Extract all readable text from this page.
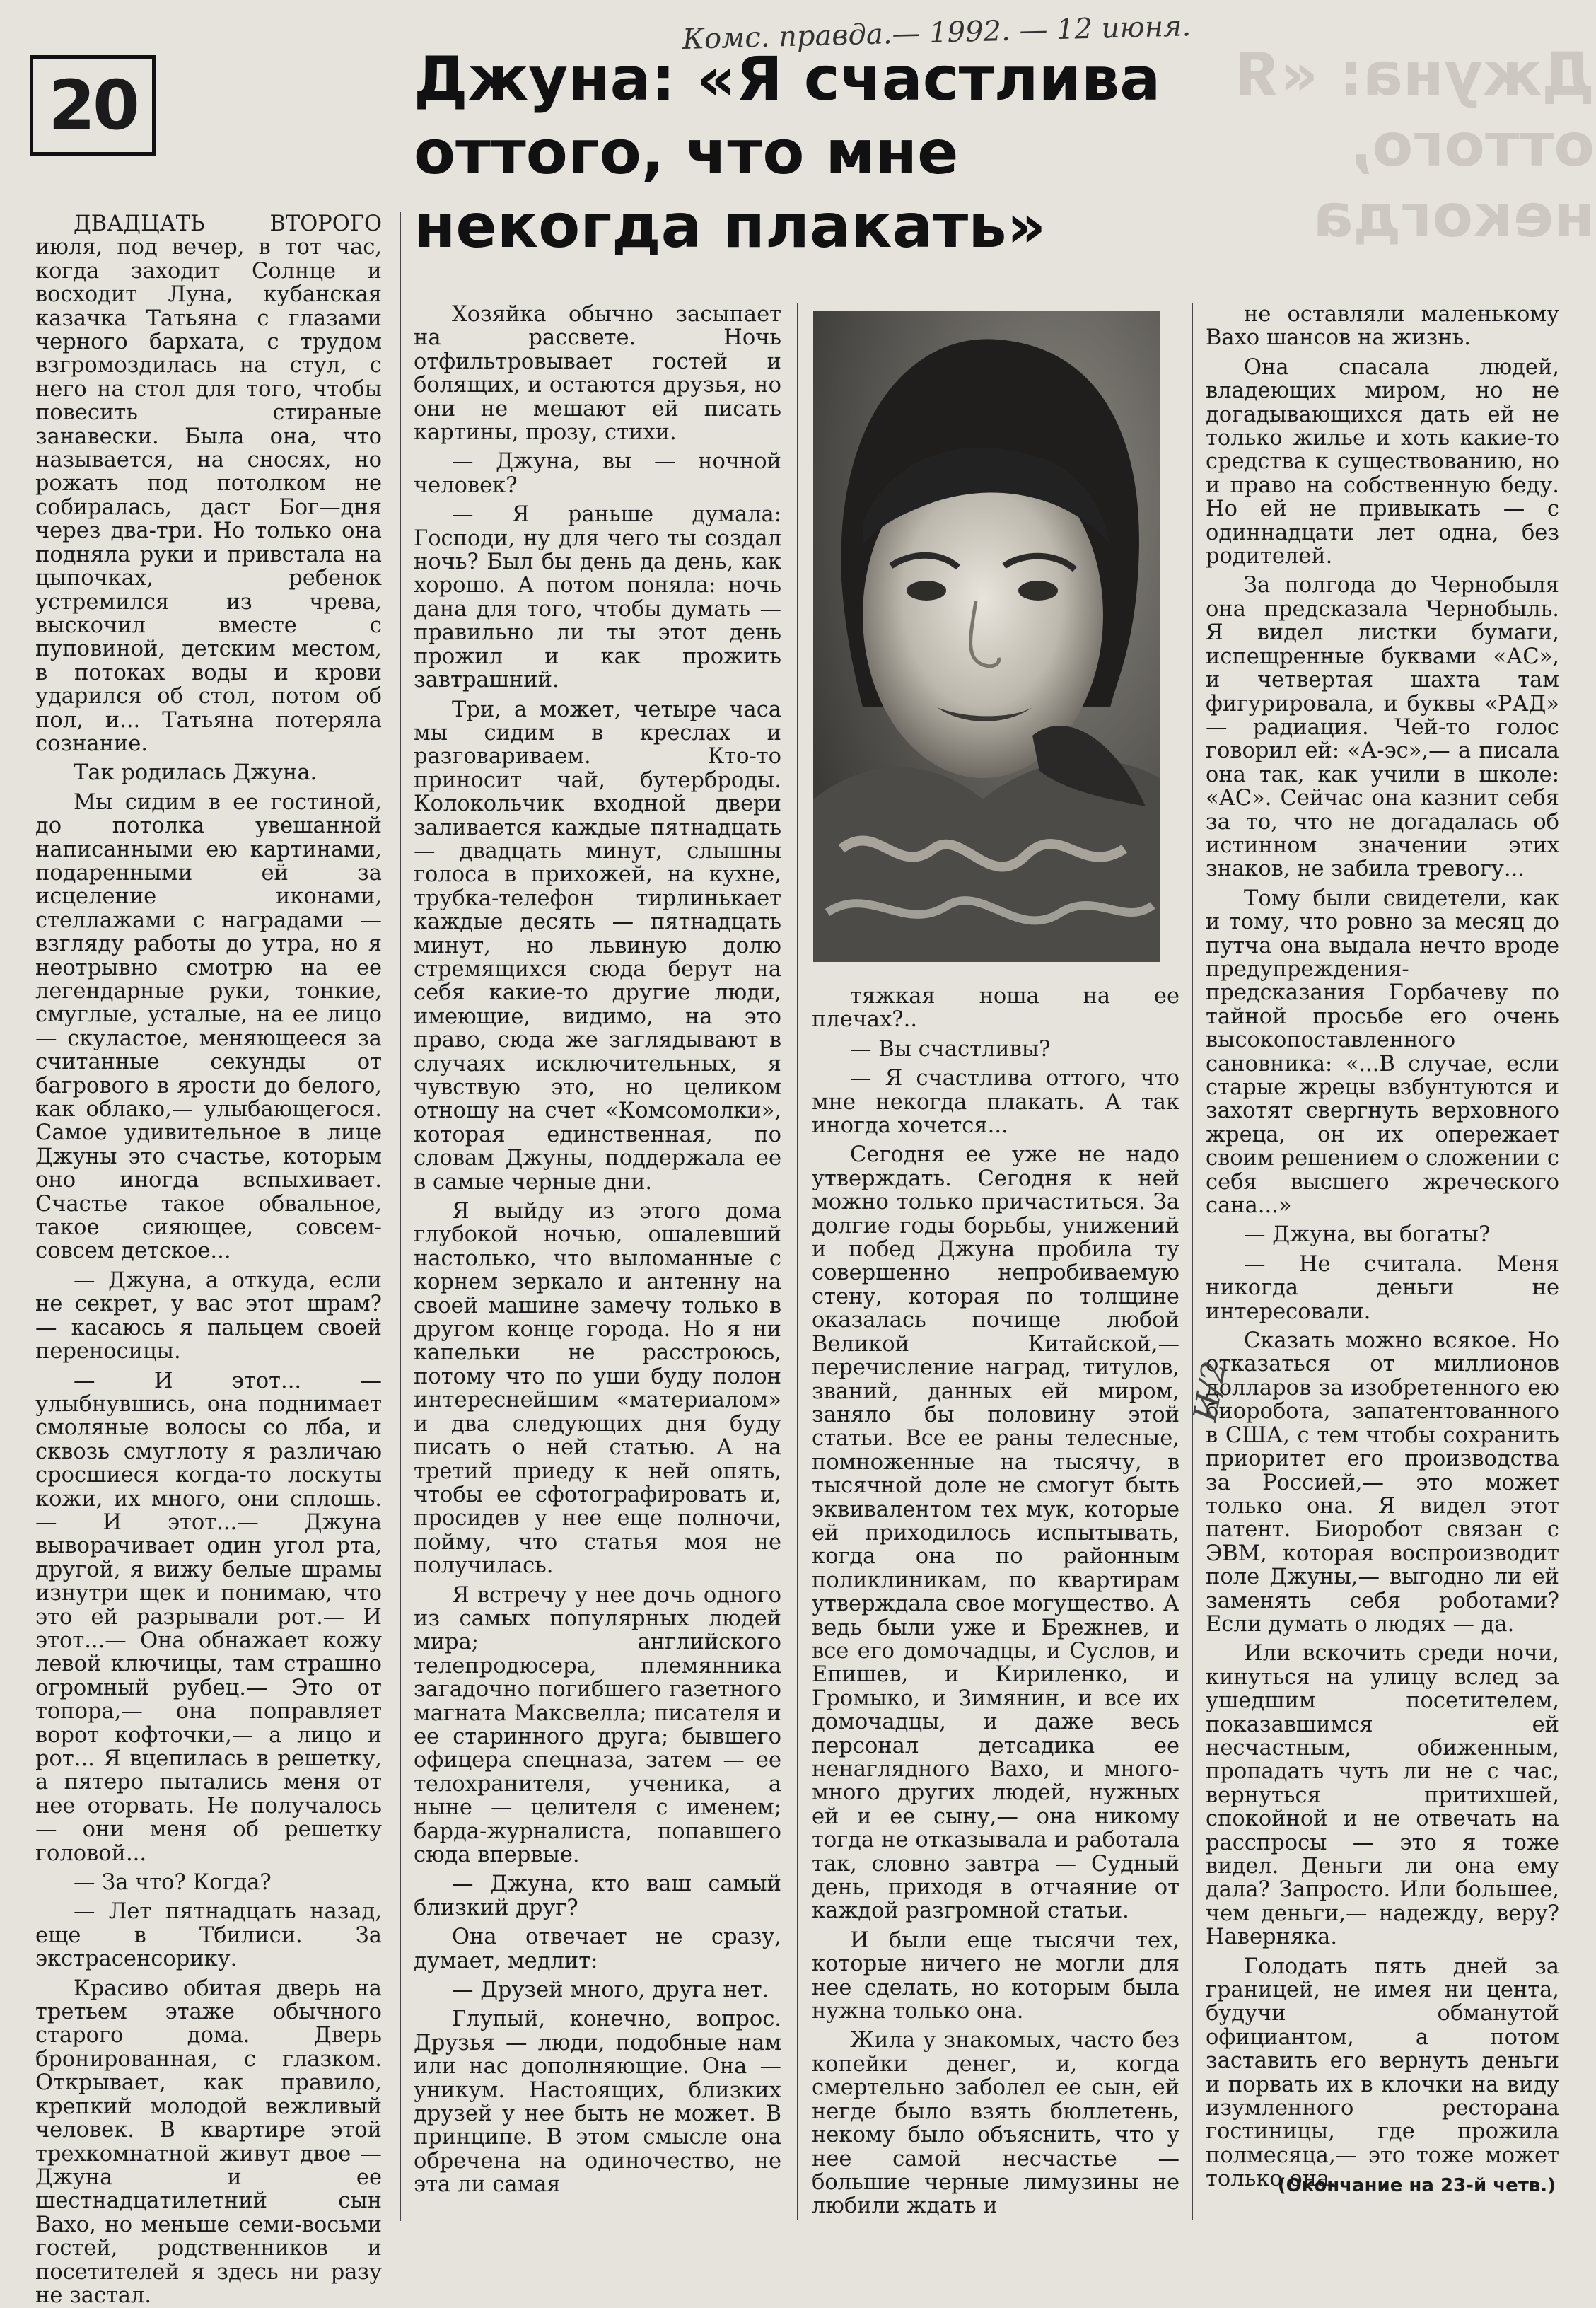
20
Комс. правда.— 1992. — 12 июня.
Джуна: «Я счастлива оттого, что мне некогда плакать»
Джуна: «Я
оттого,
некогда

ДВАДЦАТЬ ВТОРОГО июля, под вечер, в тот час, когда заходит Солнце и восходит Луна, кубанская казачка Татьяна с глазами черного бархата, с трудом взгромоздилась на стул, с него на стол для того, чтобы повесить стираные занавески. Была она, что называется, на сносях, но рожать под потолком не собиралась, даст Бог—дня через два-три. Но только она подняла руки и привстала на цыпочках, ребенок устремился из чрева, выскочил вместе с пуповиной, детским местом, в потоках воды и крови ударился об стол, потом об пол, и... Татьяна потеряла сознание.

Так родилась Джуна.

Мы сидим в ее гостиной, до потолка увешанной написанными ею картинами, подаренными ей за исцеление иконами, стеллажами с наградами — взгляду работы до утра, но я неотрывно смотрю на ее легендарные руки, тонкие, смуглые, усталые, на ее лицо — скуластое, меняющееся за считанные секунды от багрового в ярости до белого, как облако,— улыбающегося. Самое удивительное в лице Джуны это счастье, которым оно иногда вспыхивает. Счастье такое обвальное, такое сияющее, совсем-совсем детское...

— Джуна, а откуда, если не секрет, у вас этот шрам? — касаюсь я пальцем своей переносицы.

— И этот... — улыбнувшись, она поднимает смоляные волосы со лба, и сквозь смуглоту я различаю сросшиеся когда-то лоскуты кожи, их много, они сплошь.— И этот...— Джуна выворачивает один угол рта, другой, я вижу белые шрамы изнутри щек и понимаю, что это ей разрывали рот.— И этот...— Она обнажает кожу левой ключицы, там страшно огромный рубец.— Это от топора,— она поправляет ворот кофточки,— а лицо и рот... Я вцепилась в решетку, а пятеро пытались меня от нее оторвать. Не получалось — они меня об решетку головой...

— За что? Когда?

— Лет пятнадцать назад, еще в Тбилиси. За экстрасенсорику.

Красиво обитая дверь на третьем этаже обычного старого дома. Дверь бронированная, с глазком. Открывает, как правило, крепкий молодой вежливый человек. В квартире этой трехкомнатной живут двое — Джуна и ее шестнадцатилетний сын Вахо, но меньше семи-восьми гостей, родственников и посетителей я здесь ни разу не застал.

Хозяйка обычно засыпает на рассвете. Ночь отфильтровывает гостей и болящих, и остаются друзья, но они не мешают ей писать картины, прозу, стихи.

— Джуна, вы — ночной человек?

— Я раньше думала: Господи, ну для чего ты создал ночь? Был бы день да день, как хорошо. А потом поняла: ночь дана для того, чтобы думать — правильно ли ты этот день прожил и как прожить завтрашний.

Три, а может, четыре часа мы сидим в креслах и разговариваем. Кто-то приносит чай, бутерброды. Колокольчик входной двери заливается каждые пятнадцать — двадцать минут, слышны голоса в прихожей, на кухне, трубка-телефон тирлинькает каждые десять — пятнадцать минут, но львиную долю стремящихся сюда берут на себя какие-то другие люди, имеющие, видимо, на это право, сюда же заглядывают в случаях исключительных, я чувствую это, но целиком отношу на счет «Комсомолки», которая единственная, по словам Джуны, поддержала ее в самые черные дни.

Я выйду из этого дома глубокой ночью, ошалевший настолько, что выломанные с корнем зеркало и антенну на своей машине замечу только в другом конце города. Но я ни капельки не расстроюсь, потому что по уши буду полон интереснейшим «материалом» и два следующих дня буду писать о ней статью. А на третий приеду к ней опять, чтобы ее сфотографировать и, просидев у нее еще полночи, пойму, что статья моя не получилась.

Я встречу у нее дочь одного из самых популярных людей мира; английского телепродюсера, племянника загадочно погибшего газетного магната Максвелла; писателя и ее старинного друга; бывшего офицера спецназа, затем — ее телохранителя, ученика, а ныне — целителя с именем; барда-журналиста, попавшего сюда впервые.

— Джуна, кто ваш самый близкий друг?

Она отвечает не сразу, думает, медлит:

— Друзей много, друга нет.

Глупый, конечно, вопрос. Друзья — люди, подобные нам или нас дополняющие. Она — уникум. Настоящих, близких друзей у нее быть не может. В принципе. В этом смысле она обречена на одиночество, не эта ли самая

тяжкая ноша на ее плечах?..

— Вы счастливы?

— Я счастлива оттого, что мне некогда плакать. А так иногда хочется...

Сегодня ее уже не надо утверждать. Сегодня к ней можно только причаститься. За долгие годы борьбы, унижений и побед Джуна пробила ту совершенно непробиваемую стену, которая по толщине оказалась почище любой Великой Китайской,— перечисление наград, титулов, званий, данных ей миром, заняло бы половину этой статьи. Все ее раны телесные, помноженные на тысячу, в тысячной доле не смогут быть эквивалентом тех мук, которые ей приходилось испытывать, когда она по районным поликлиникам, по квартирам утверждала свое могущество. А ведь были уже и Брежнев, и все его домочадцы, и Суслов, и Епишев, и Кириленко, и Громыко, и Зимянин, и все их домочадцы, и даже весь персонал детсадика ее ненаглядного Вахо, и много-много других людей, нужных ей и ее сыну,— она никому тогда не отказывала и работала так, словно завтра — Судный день, приходя в отчаяние от каждой разгромной статьи.

И были еще тысячи тех, которые ничего не могли для нее сделать, но которым была нужна только она.

Жила у знакомых, часто без копейки денег, и, когда смертельно заболел ее сын, ей негде было взять бюллетень, некому было объяснить, что у нее самой несчастье — большие черные лимузины не любили ждать и

не оставляли маленькому Вахо шансов на жизнь.

Она спасала людей, владеющих миром, но не догадывающихся дать ей не только жилье и хоть какие-то средства к существованию, но и право на собственную беду. Но ей не привыкать — с одиннадцати лет одна, без родителей.

За полгода до Чернобыля она предсказала Чернобыль. Я видел листки бумаги, испещренные буквами «АС», и четвертая шахта там фигурировала, и буквы «РАД» — радиация. Чей-то голос говорил ей: «А-эс»,— а писала она так, как учили в школе: «АС». Сейчас она казнит себя за то, что не догадалась об истинном значении этих знаков, не забила тревогу...

Тому были свидетели, как и тому, что ровно за месяц до путча она выдала нечто вроде предупреждения-предсказания Горбачеву по тайной просьбе его очень высокопоставленного сановника: «...В случае, если старые жрецы взбунтуются и захотят свергнуть верховного жреца, он их опережает своим решением о сложении с себя высшего жреческого сана...»

— Джуна, вы богаты?

— Не считала. Меня никогда деньги не интересовали.

Сказать можно всякое. Но отказаться от миллионов долларов за изобретенного ею биоробота, запатентованного в США, с тем чтобы сохранить приоритет его производства за Россией,— это может только она. Я видел этот патент. Биоробот связан с ЭВМ, которая воспроизводит поле Джуны,— выгодно ли ей заменять себя роботами? Если думать о людях — да.

Или вскочить среди ночи, кинуться на улицу вслед за ушедшим посетителем, показавшимся ей несчастным, обиженным, пропадать чуть ли не с час, вернуться притихшей, спокойной и не отвечать на расспросы — это я тоже видел. Деньги ли она ему дала? Запросто. Или большее, чем деньги,— надежду, веру? Наверняка.

Голодать пять дней за границей, не имея ни цента, будучи обманутой официантом, а потом заставить его вернуть деньги и порвать их в клочки на виду изумленного ресторана гостиницы, где прожила полмесяца,— это тоже может только она.

И/2
(Окончание на 23-й четв.)
